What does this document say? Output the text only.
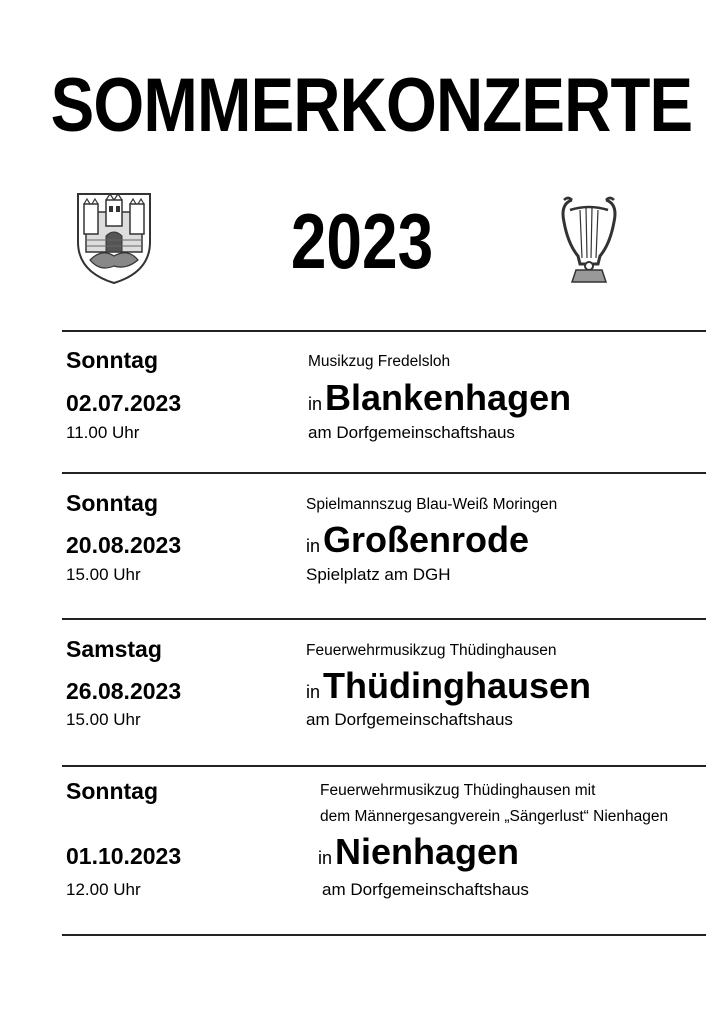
SOMMERKONZERTE
2023
Sonntag	Musikzug Fredelsloh
02.07.2023	inBlankenhagen
11.00 Uhr	am Dorfgemeinschaftshaus
Sonntag	Spielmannszug Blau-Weiß Moringen
20.08.2023	inGroßenrode
15.00 Uhr	Spielplatz am DGH
Samstag	Feuerwehrmusikzug Thüdinghausen
26.08.2023	inThüdinghausen
15.00 Uhr	am Dorfgemeinschaftshaus
Sonntag	Feuerwehrmusikzug Thüdinghausen mit
dem Männergesangverein „Sängerlust“ Nienhagen
01.10.2023	inNienhagen
12.00 Uhr	am Dorfgemeinschaftshaus
